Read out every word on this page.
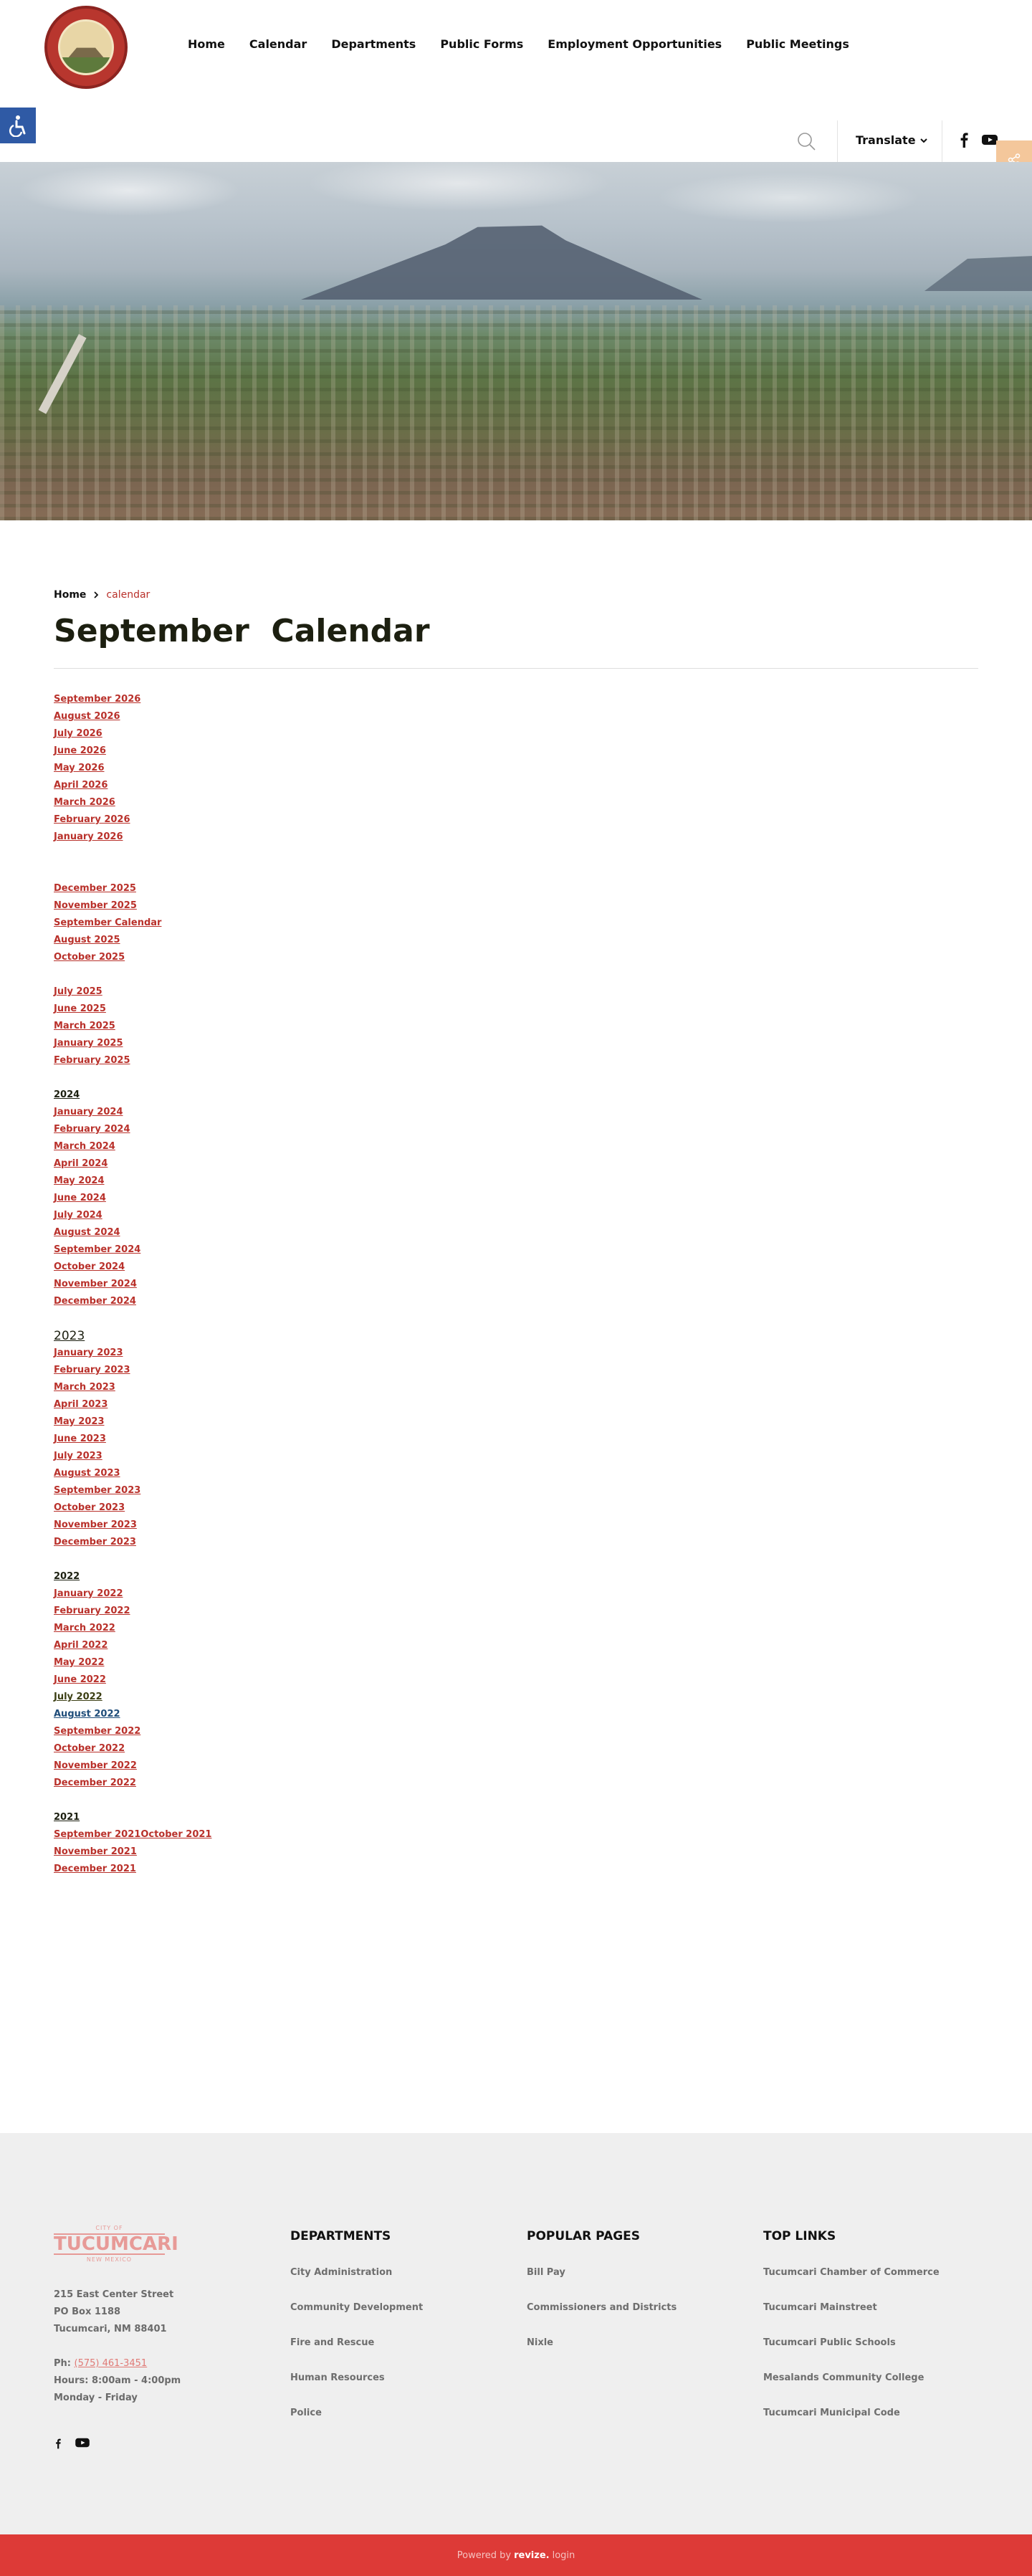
Home Calendar Departments Public Forms Employment Opportunities Public Meetings
Translate
Home calendar
September  Calendar
September 2026
August 2026
July 2026
June 2026
May 2026
April 2026
March 2026
February 2026
January 2026
December 2025
November 2025
September Calendar
August 2025
October 2025
July 2025
June 2025
March 2025
January 2025
February 2025
2024
January 2024
February 2024
March 2024
April 2024
May 2024
June 2024
July 2024
August 2024
September 2024
October 2024
November 2024
December 2024
2023
January 2023
February 2023
March 2023
April 2023
May 2023
June 2023
July 2023
August 2023
September 2023
October 2023
November 2023
December 2023
2022
January 2022
February 2022
March 2022
April 2022
May 2022
June 2022
July 2022
August 2022
September 2022
October 2022
November 2022
December 2022
2021
September 2021 October 2021
November 2021
December 2021
CITY OF
TUCUMCARI
NEW MEXICO
215 East Center Street
PO Box 1188
Tucumcari, NM 88401
Ph: (575) 461-3451
Hours: 8:00am - 4:00pm
Monday - Friday
DEPARTMENTS
City Administration
Community Development
Fire and Rescue
Human Resources
Police
POPULAR PAGES
Bill Pay
Commissioners and Districts
Nixle
TOP LINKS
Tucumcari Chamber of Commerce
Tucumcari Mainstreet
Tucumcari Public Schools
Mesalands Community College
Tucumcari Municipal Code
Powered by revize. login
